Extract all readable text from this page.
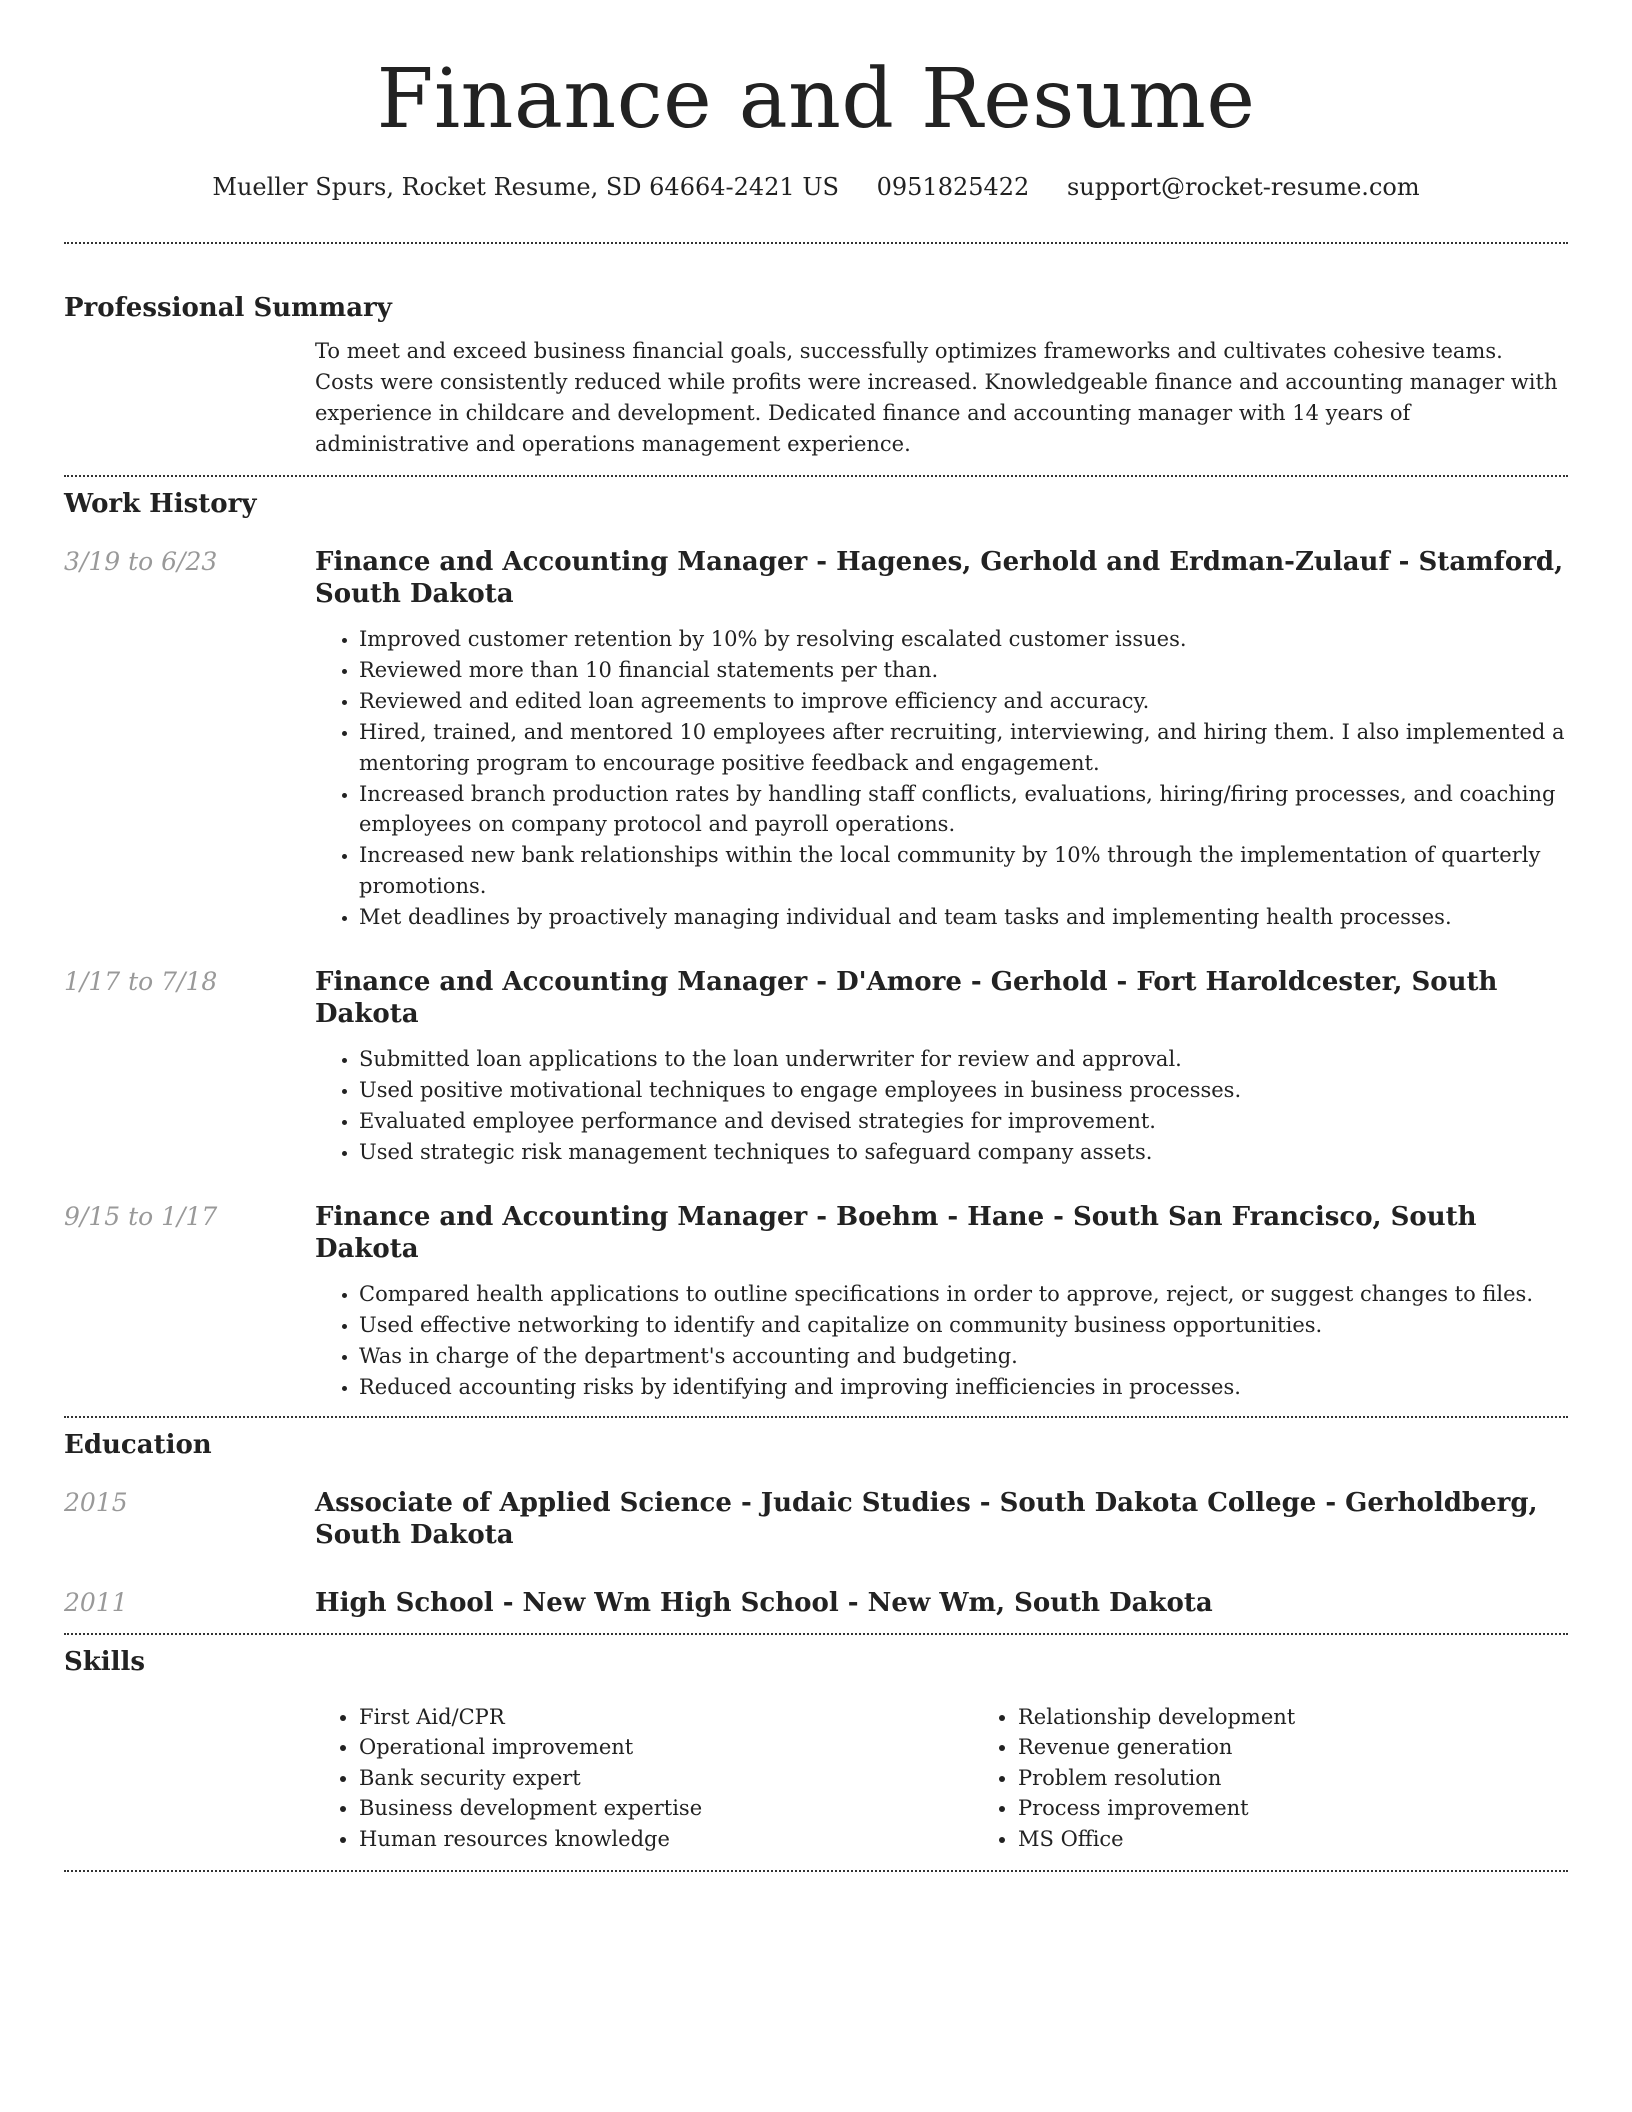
Finance and Resume
Mueller Spurs, Rocket Resume, SD 64664-2421 US 0951825422 support@rocket-resume.com
Professional Summary

To meet and exceed business financial goals, successfully optimizes frameworks and cultivates cohesive teams. Costs were consistently reduced while profits were increased. Knowledgeable finance and accounting manager with experience in childcare and development. Dedicated finance and accounting manager with 14 years of administrative and operations management experience.

Work History
3/19 to 6/23	Finance and Accounting Manager - Hagenes, Gerhold and Erdman-Zulauf - Stamford, South Dakota
• Improved customer retention by 10% by resolving escalated customer issues.
• Reviewed more than 10 financial statements per than.
• Reviewed and edited loan agreements to improve efficiency and accuracy.
• Hired, trained, and mentored 10 employees after recruiting, interviewing, and hiring them. I also implemented a mentoring program to encourage positive feedback and engagement.
• Increased branch production rates by handling staff conflicts, evaluations, hiring/firing processes, and coaching employees on company protocol and payroll operations.
• Increased new bank relationships within the local community by 10% through the implementation of quarterly promotions.
• Met deadlines by proactively managing individual and team tasks and implementing health processes.
1/17 to 7/18	Finance and Accounting Manager - D'Amore - Gerhold - Fort Haroldcester, South Dakota
• Submitted loan applications to the loan underwriter for review and approval.
• Used positive motivational techniques to engage employees in business processes.
• Evaluated employee performance and devised strategies for improvement.
• Used strategic risk management techniques to safeguard company assets.
9/15 to 1/17	Finance and Accounting Manager - Boehm - Hane - South San Francisco, South Dakota
• Compared health applications to outline specifications in order to approve, reject, or suggest changes to files.
• Used effective networking to identify and capitalize on community business opportunities.
• Was in charge of the department's accounting and budgeting.
• Reduced accounting risks by identifying and improving inefficiencies in processes.
Education
2015	Associate of Applied Science - Judaic Studies - South Dakota College - Gerholdberg, South Dakota
2011	High School - New Wm High School - New Wm, South Dakota
Skills
• First Aid/CPR
• Operational improvement
• Bank security expert
• Business development expertise
• Human resources knowledge
• Relationship development
• Revenue generation
• Problem resolution
• Process improvement
• MS Office
